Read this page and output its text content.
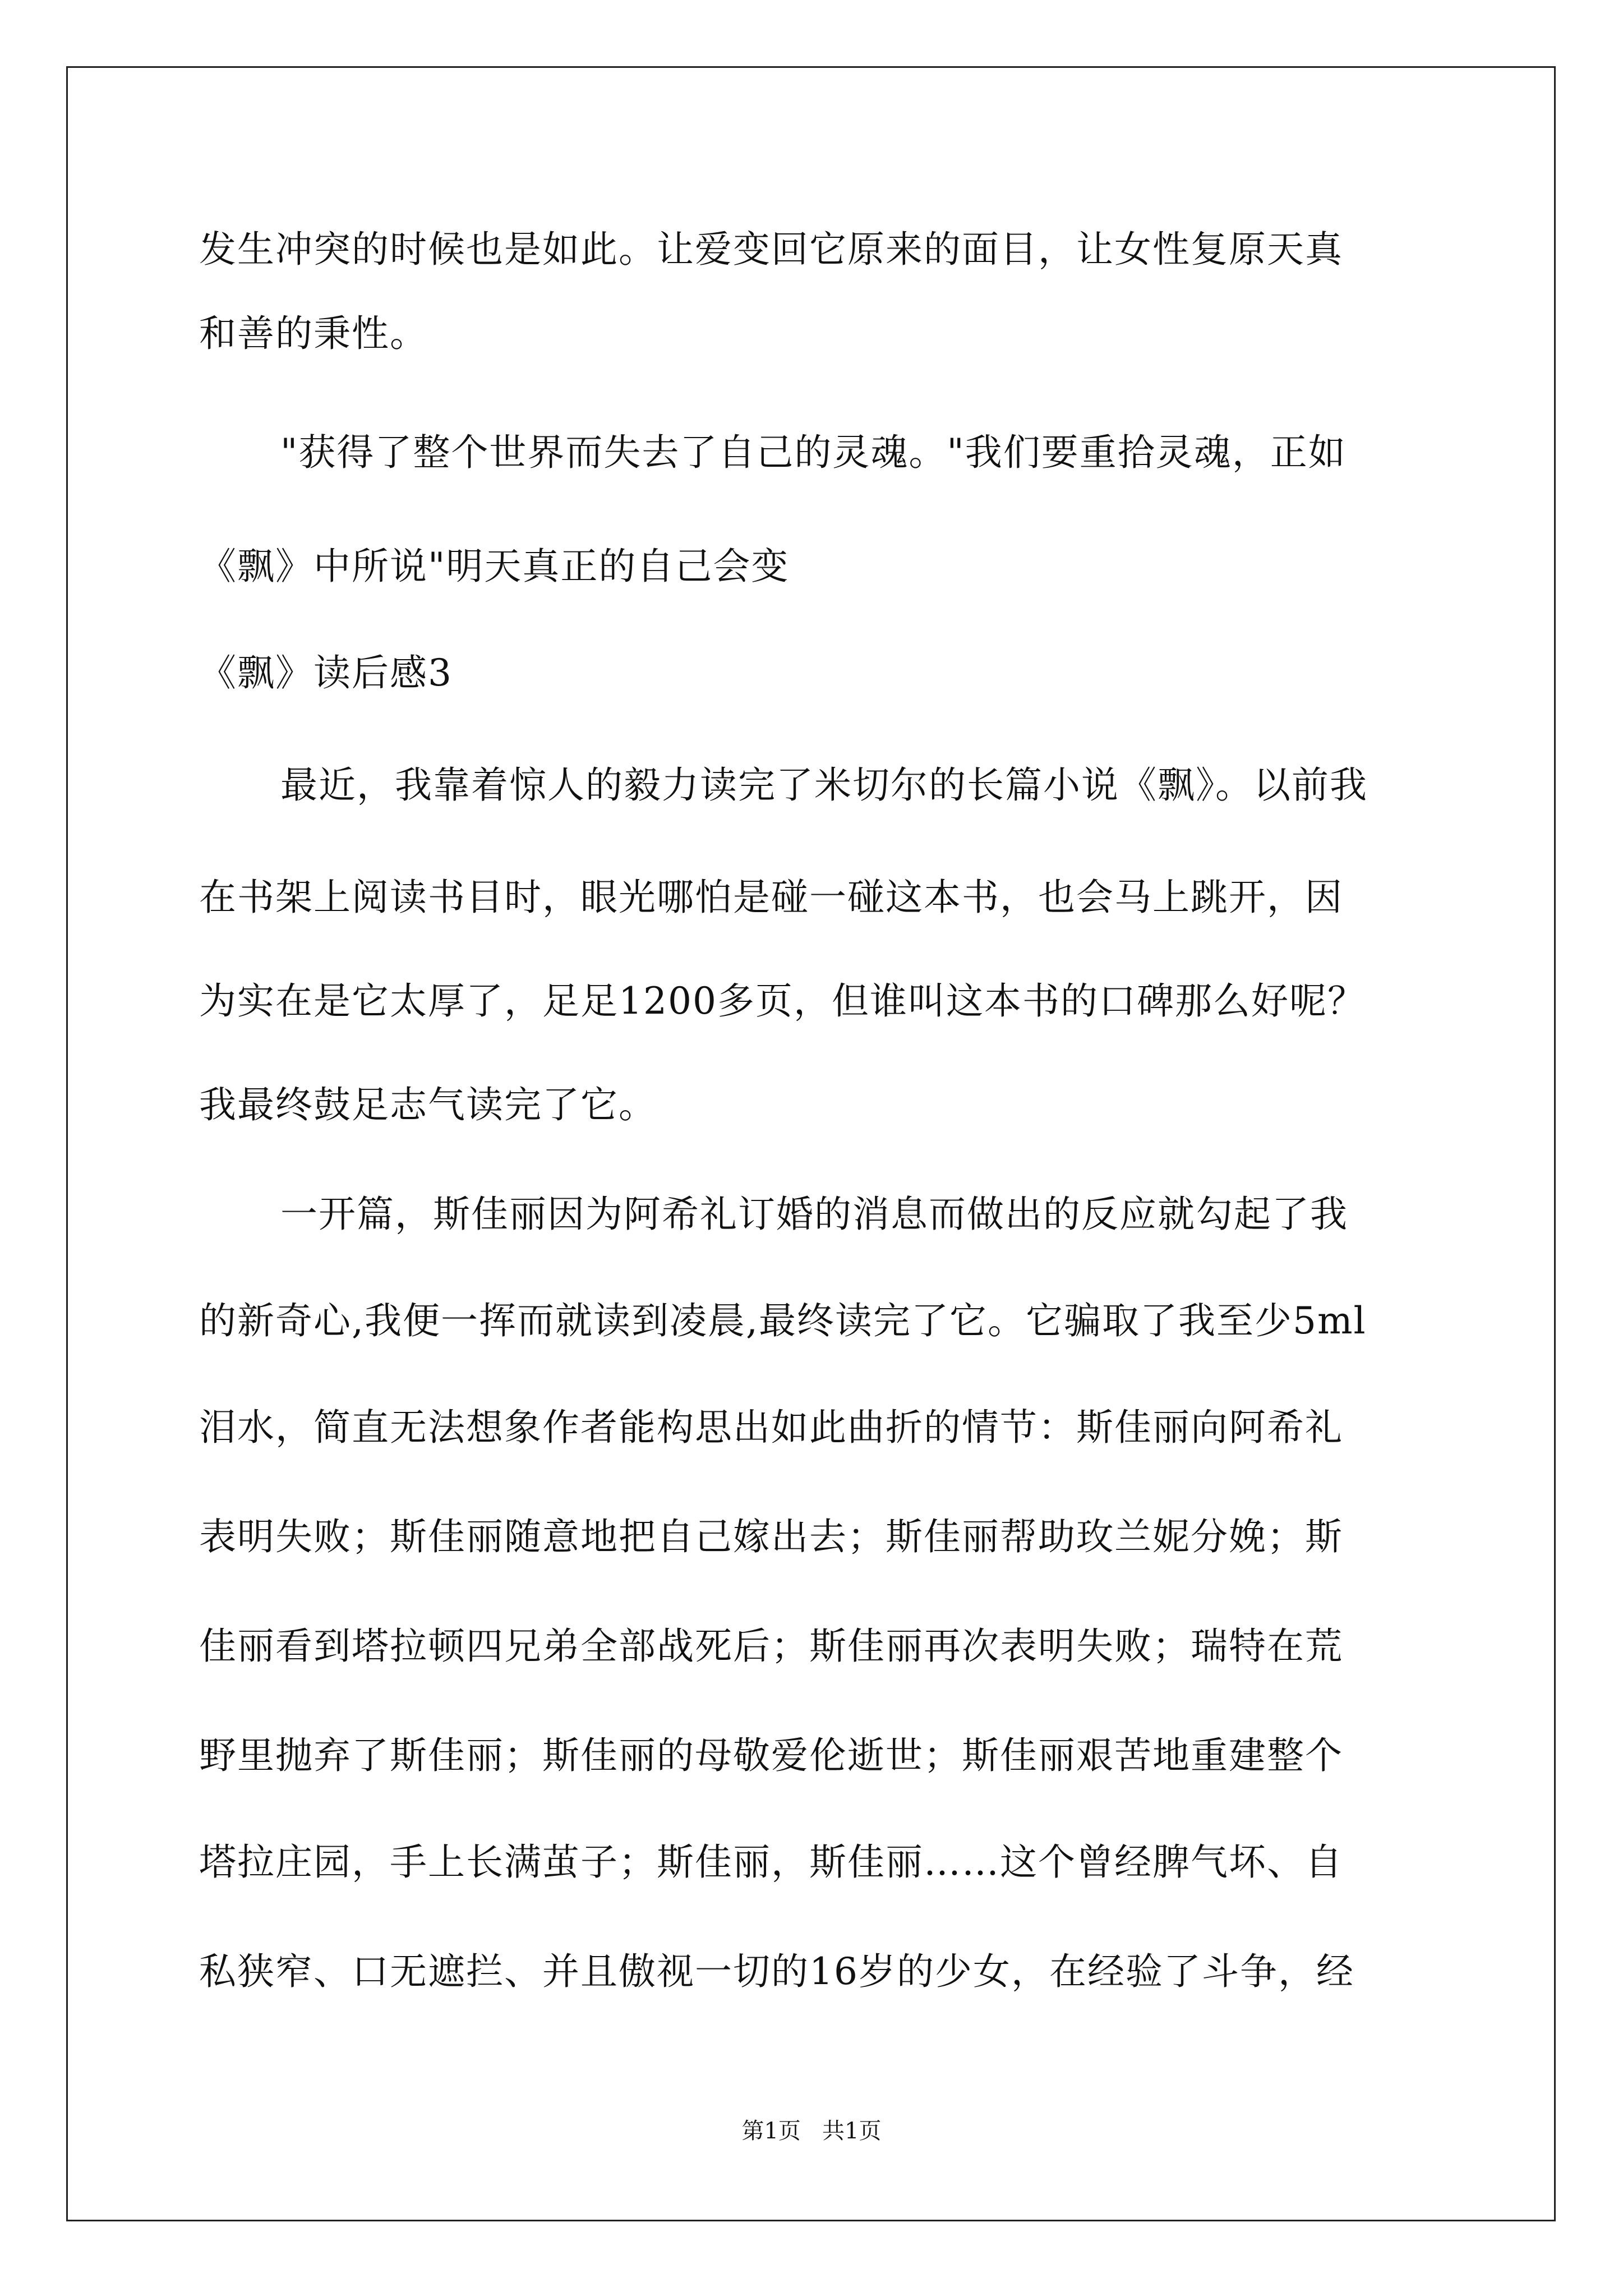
发生冲突的时候也是如此。让爱变回它原来的面目，让女性复原天真
和善的秉性。
"获得了整个世界而失去了自己的灵魂。"我们要重拾灵魂，正如
《飘》中所说"明天真正的自己会变
《飘》读后感3
最近，我靠着惊人的毅力读完了米切尔的长篇小说《飘》。以前我
在书架上阅读书目时，眼光哪怕是碰一碰这本书，也会马上跳开，因
为实在是它太厚了，足足1200多页，但谁叫这本书的口碑那么好呢？
我最终鼓足志气读完了它。
一开篇，斯佳丽因为阿希礼订婚的消息而做出的反应就勾起了我
的新奇心,我便一挥而就读到凌晨,最终读完了它。它骗取了我至少5ml
泪水，简直无法想象作者能构思出如此曲折的情节：斯佳丽向阿希礼
表明失败；斯佳丽随意地把自己嫁出去；斯佳丽帮助玫兰妮分娩；斯
佳丽看到塔拉顿四兄弟全部战死后；斯佳丽再次表明失败；瑞特在荒
野里抛弃了斯佳丽；斯佳丽的母敬爱伦逝世；斯佳丽艰苦地重建整个
塔拉庄园，手上长满茧子；斯佳丽，斯佳丽……这个曾经脾气坏、自
私狭窄、口无遮拦、并且傲视一切的16岁的少女，在经验了斗争，经
第1页   共1页
